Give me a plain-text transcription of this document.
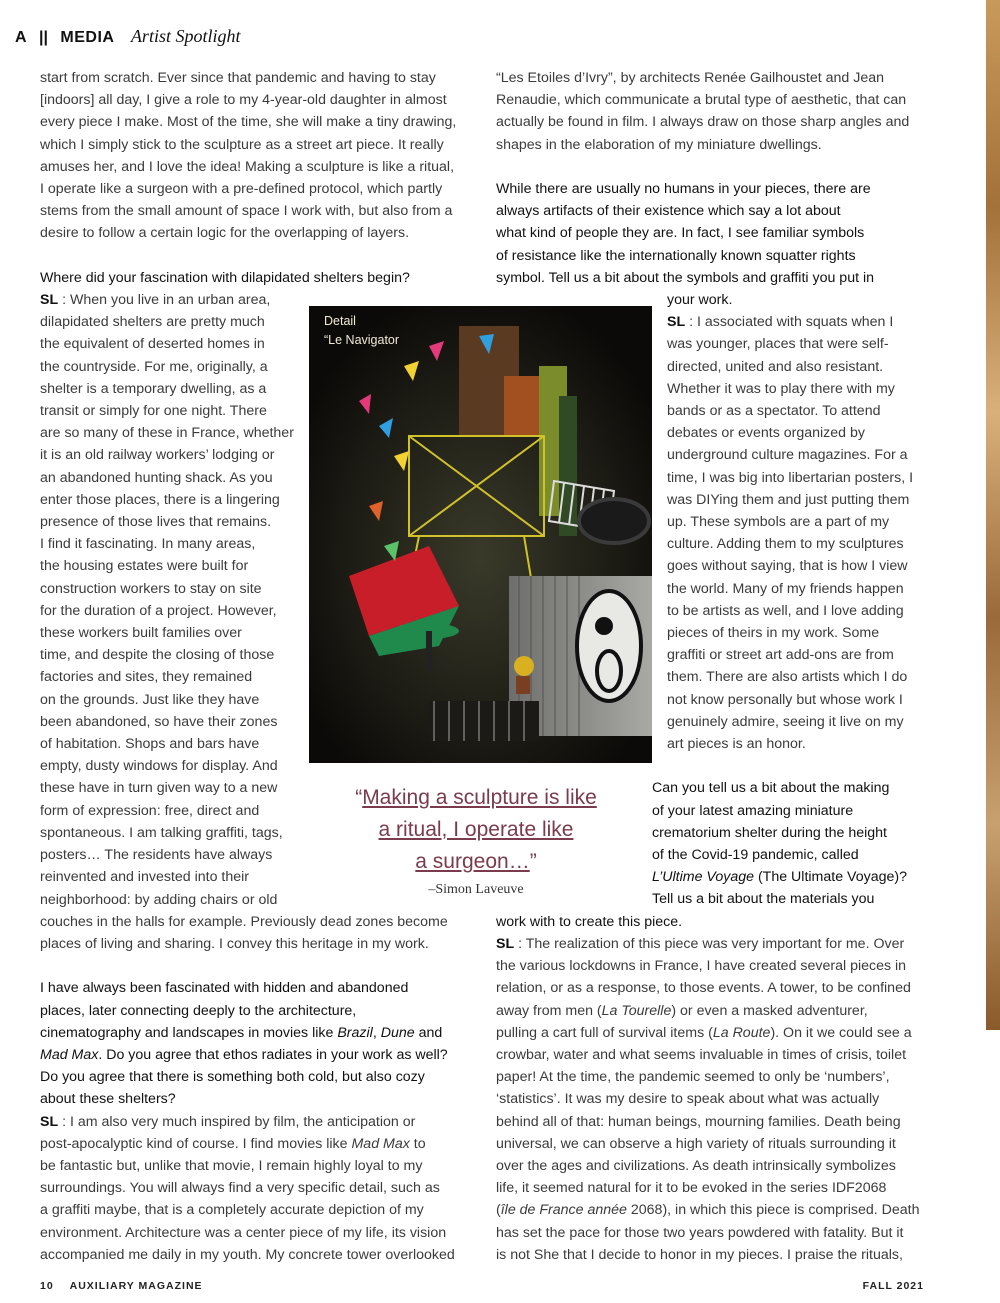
A || MEDIA Artist Spotlight

start from scratch. Ever since that pandemic and having to stay

[indoors] all day, I give a role to my 4-year-old daughter in almost

every piece I make. Most of the time, she will make a tiny drawing,

which I simply stick to the sculpture as a street art piece. It really

amuses her, and I love the idea! Making a sculpture is like a ritual,

I operate like a surgeon with a pre-defined protocol, which partly

stems from the small amount of space I work with, but also from a

desire to follow a certain logic for the overlapping of layers.

Where did your fascination with dilapidated shelters begin?

SL : When you live in an urban area,

dilapidated shelters are pretty much

the equivalent of deserted homes in

the countryside. For me, originally, a

shelter is a temporary dwelling, as a

transit or simply for one night. There

are so many of these in France, whether

it is an old railway workers’ lodging or

an abandoned hunting shack. As you

enter those places, there is a lingering

presence of those lives that remains.

I find it fascinating. In many areas,

the housing estates were built for

construction workers to stay on site

for the duration of a project. However,

these workers built families over

time, and despite the closing of those

factories and sites, they remained

on the grounds. Just like they have

been abandoned, so have their zones

of habitation. Shops and bars have

empty, dusty windows for display. And

these have in turn given way to a new

form of expression: free, direct and

spontaneous. I am talking graffiti, tags,

posters… The residents have always

reinvented and invested into their

neighborhood: by adding chairs or old

couches in the halls for example. Previously dead zones become

places of living and sharing. I convey this heritage in my work.

I have always been fascinated with hidden and abandoned

places, later connecting deeply to the architecture,

cinematography and landscapes in movies like Brazil, Dune and

Mad Max. Do you agree that ethos radiates in your work as well?

Do you agree that there is something both cold, but also cozy

about these shelters?

SL : I am also very much inspired by film, the anticipation or

post-apocalyptic kind of course. I find movies like Mad Max to

be fantastic but, unlike that movie, I remain highly loyal to my

surroundings. You will always find a very specific detail, such as

a graffiti maybe, that is a completely accurate depiction of my

environment. Architecture was a center piece of my life, its vision

accompanied me daily in my youth. My concrete tower overlooked

“Les Etoiles d’Ivry”, by architects Renée Gailhoustet and Jean

Renaudie, which communicate a brutal type of aesthetic, that can

actually be found in film. I always draw on those sharp angles and

shapes in the elaboration of my miniature dwellings.

While there are usually no humans in your pieces, there are

always artifacts of their existence which say a lot about

what kind of people they are. In fact, I see familiar symbols

of resistance like the internationally known squatter rights

symbol. Tell us a bit about the symbols and graffiti you put in

your work.

SL : I associated with squats when I

was younger, places that were self-

directed, united and also resistant.

Whether it was to play there with my

bands or as a spectator. To attend

debates or events organized by

underground culture magazines. For a

time, I was big into libertarian posters, I

was DIYing them and just putting them

up. These symbols are a part of my

culture. Adding them to my sculptures

goes without saying, that is how I view

the world. Many of my friends happen

to be artists as well, and I love adding

pieces of theirs in my work. Some

graffiti or street art add-ons are from

them. There are also artists which I do

not know personally but whose work I

genuinely admire, seeing it live on my

art pieces is an honor.

Can you tell us a bit about the making

of your latest amazing miniature

crematorium shelter during the height

of the Covid-19 pandemic, called

L’Ultime Voyage (The Ultimate Voyage)?

Tell us a bit about the materials you

work with to create this piece.

SL : The realization of this piece was very important for me. Over

the various lockdowns in France, I have created several pieces in

relation, or as a response, to those events. A tower, to be confined

away from men (La Tourelle) or even a masked adventurer,

pulling a cart full of survival items (La Route). On it we could see a

crowbar, water and what seems invaluable in times of crisis, toilet

paper! At the time, the pandemic seemed to only be ‘numbers’,

‘statistics’. It was my desire to speak about what was actually

behind all of that: human beings, mourning families. Death being

universal, we can observe a high variety of rituals surrounding it

over the ages and civilizations. As death intrinsically symbolizes

life, it seemed natural for it to be evoked in the series IDF2068

(île de France année 2068), in which this piece is comprised. Death

has set the pace for those two years powdered with fatality. But it

is not She that I decide to honor in my pieces. I praise the rituals,

Detail
“Le Navigator
“Making a sculpture is like
a ritual, I operate like
a surgeon…”
–Simon Laveuve
10 AUXILIARY MAGAZINE	FALL 2021
